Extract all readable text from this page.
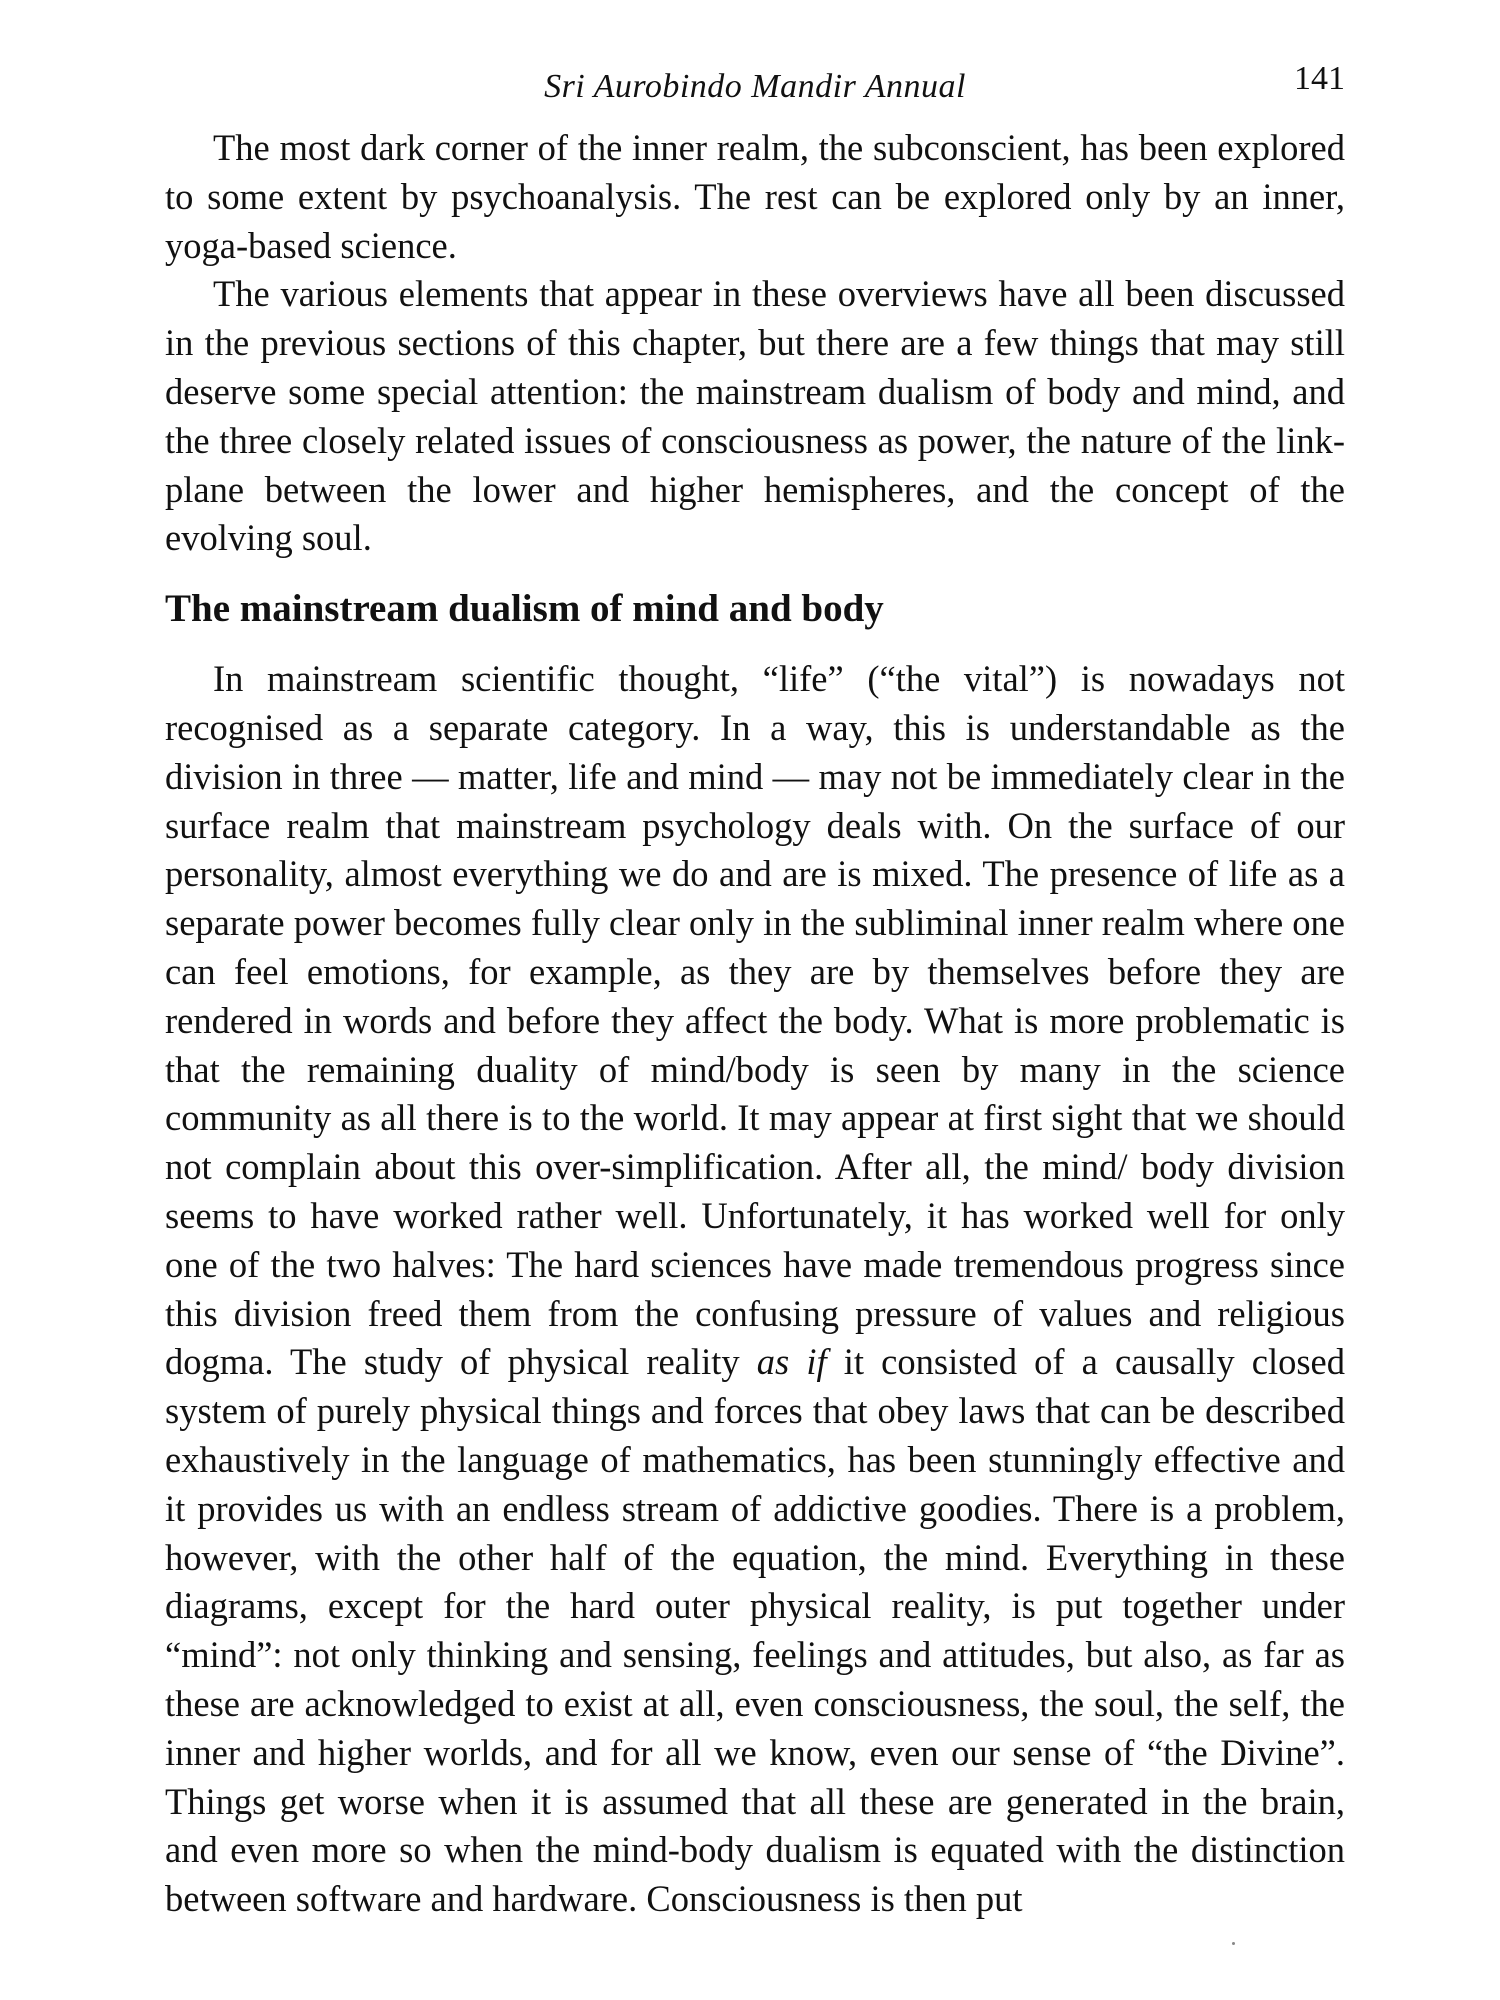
Sri Aurobindo Mandir Annual	141

The most dark corner of the inner realm, the subconscient, has been explored to some extent by psychoanalysis. The rest can be explored only by an inner, yoga-based science.

The various elements that appear in these overviews have all been discussed in the previous sections of this chapter, but there are a few things that may still deserve some special attention: the mainstream dualism of body and mind, and the three closely related issues of consciousness as power, the nature of the link-plane between the lower and higher hemispheres, and the concept of the evolving soul.

The mainstream dualism of mind and body

In mainstream scientific thought, “life” (“the vital”) is nowadays not recognised as a separate category. In a way, this is understandable as the division in three — matter, life and mind — may not be immediately clear in the surface realm that mainstream psychology deals with. On the surface of our personality, almost everything we do and are is mixed. The presence of life as a separate power becomes fully clear only in the subliminal inner realm where one can feel emotions, for example, as they are by themselves before they are rendered in words and before they affect the body. What is more problematic is that the remaining duality of mind/body is seen by many in the science community as all there is to the world. It may appear at first sight that we should not complain about this over-simplification. After all, the mind/ body division seems to have worked rather well. Unfortunately, it has worked well for only one of the two halves: The hard sciences have made tremendous progress since this division freed them from the confusing pressure of values and religious dogma. The study of physical reality as if it consisted of a causally closed system of purely physical things and forces that obey laws that can be described exhaustively in the language of mathematics, has been stunningly effective and it provides us with an endless stream of addictive goodies. There is a problem, however, with the other half of the equation, the mind. Everything in these diagrams, except for the hard outer physical reality, is put together under “mind”: not only thinking and sensing, feelings and attitudes, but also, as far as these are acknowledged to exist at all, even consciousness, the soul, the self, the inner and higher worlds, and for all we know, even our sense of “the Divine”. Things get worse when it is assumed that all these are generated in the brain, and even more so when the mind-body dualism is equated with the distinction between software and hardware. Consciousness is then put
